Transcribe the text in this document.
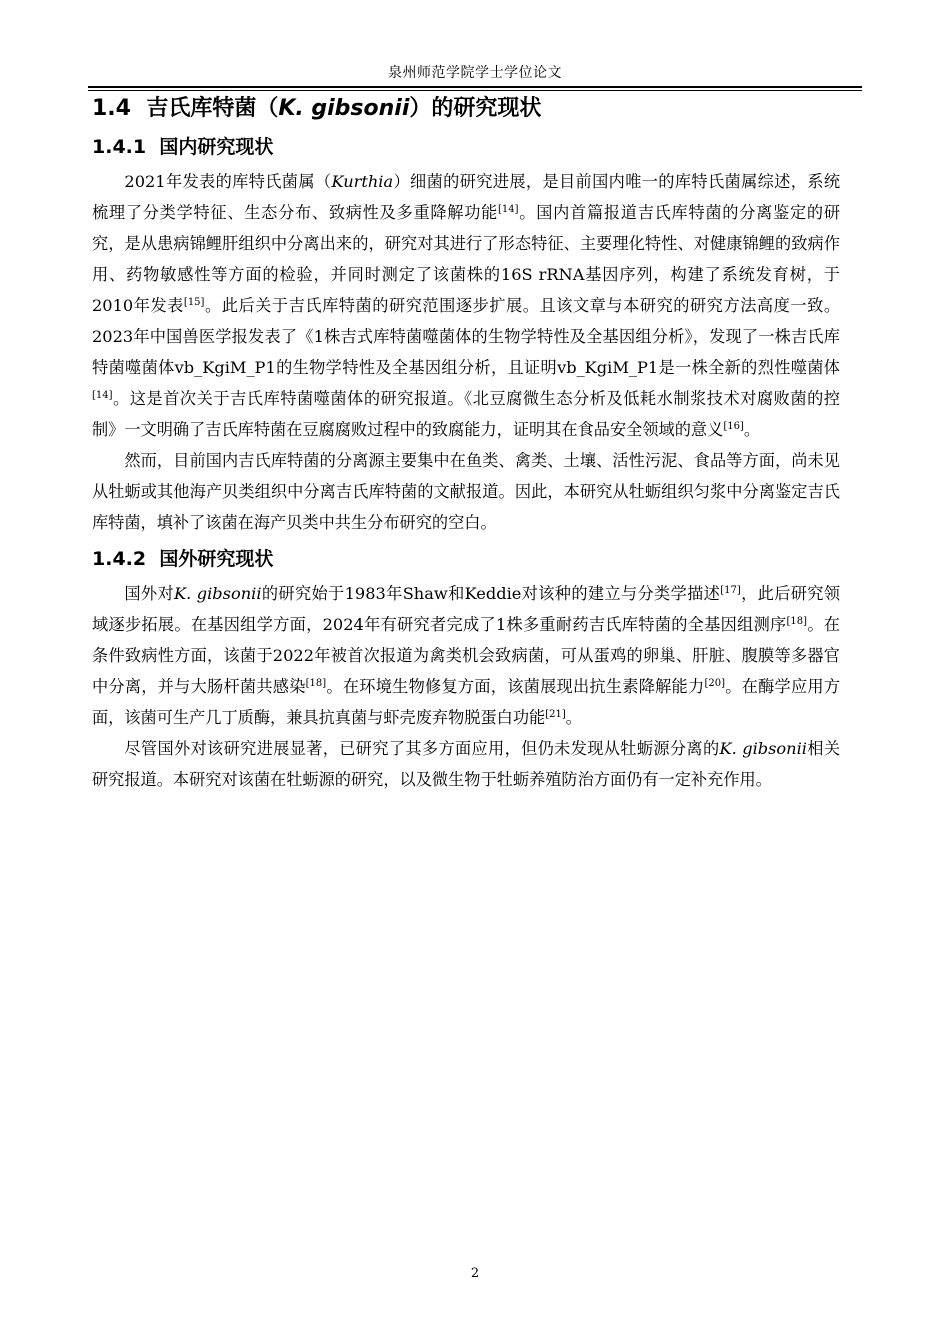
泉州师范学院学士学位论文
1.4 吉氏库特菌（K. gibsonii）的研究现状
1.4.1 国内研究现状

2021年发表的库特氏菌属（Kurthia）细菌的研究进展，是目前国内唯一的库特氏菌属综述，系统梳理了分类学特征、生态分布、致病性及多重降解功能[14]。国内首篇报道吉氏库特菌的分离鉴定的研究，是从患病锦鲤肝组织中分离出来的，研究对其进行了形态特征、主要理化特性、对健康锦鲤的致病作用、药物敏感性等方面的检验，并同时测定了该菌株的16S rRNA基因序列，构建了系统发育树，于2010年发表[15]。此后关于吉氏库特菌的研究范围逐步扩展。且该文章与本研究的研究方法高度一致。2023年中国兽医学报发表了《1株吉式库特菌噬菌体的生物学特性及全基因组分析》，发现了一株吉氏库特菌噬菌体vb_KgiM_P1的生物学特性及全基因组分析，且证明vb_KgiM_P1是一株全新的烈性噬菌体[14]。这是首次关于吉氏库特菌噬菌体的研究报道。《北豆腐微生态分析及低耗水制浆技术对腐败菌的控制》一文明确了吉氏库特菌在豆腐腐败过程中的致腐能力，证明其在食品安全领域的意义[16]。

然而，目前国内吉氏库特菌的分离源主要集中在鱼类、禽类、土壤、活性污泥、食品等方面，尚未见从牡蛎或其他海产贝类组织中分离吉氏库特菌的文献报道。因此，本研究从牡蛎组织匀浆中分离鉴定吉氏库特菌，填补了该菌在海产贝类中共生分布研究的空白。

1.4.2 国外研究现状

国外对K. gibsonii的研究始于1983年Shaw和Keddie对该种的建立与分类学描述[17]，此后研究领域逐步拓展。在基因组学方面，2024年有研究者完成了1株多重耐药吉氏库特菌的全基因组测序[18]。在条件致病性方面，该菌于2022年被首次报道为禽类机会致病菌，可从蛋鸡的卵巢、肝脏、腹膜等多器官中分离，并与大肠杆菌共感染[18]。在环境生物修复方面，该菌展现出抗生素降解能力[20]。在酶学应用方面，该菌可生产几丁质酶，兼具抗真菌与虾壳废弃物脱蛋白功能[21]。

尽管国外对该研究进展显著，已研究了其多方面应用，但仍未发现从牡蛎源分离的K. gibsonii相关研究报道。本研究对该菌在牡蛎源的研究，以及微生物于牡蛎养殖防治方面仍有一定补充作用。

2
